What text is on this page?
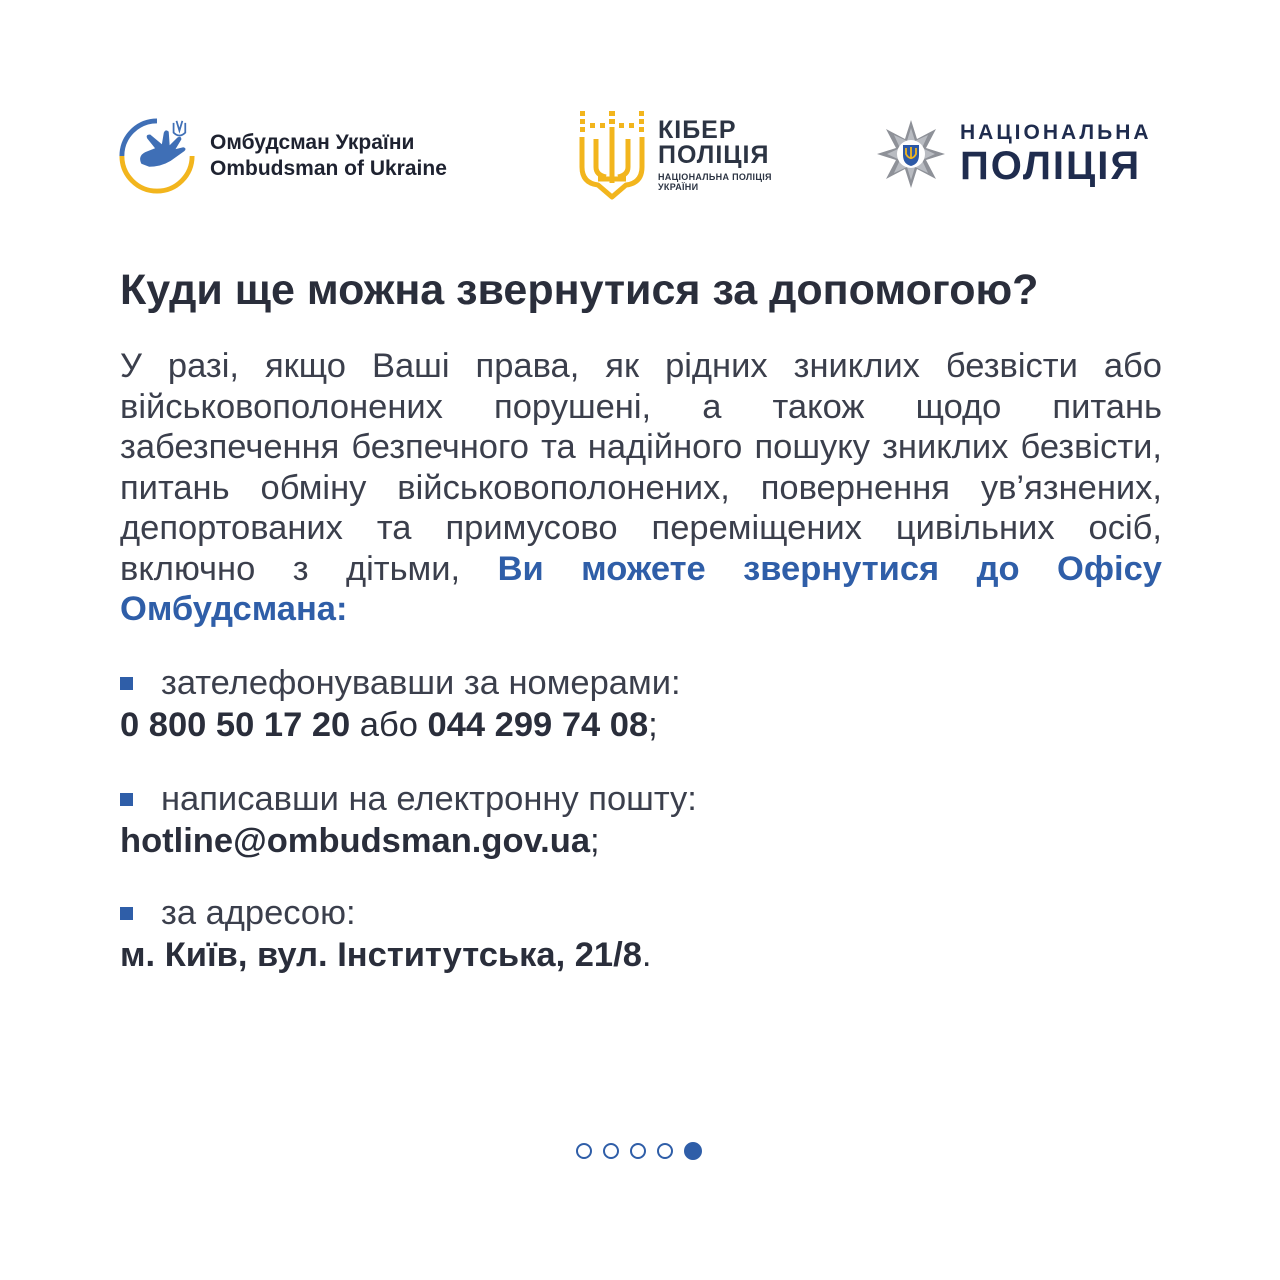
Омбудсман України
Ombudsman of Ukraine
КІБЕР
ПОЛІЦІЯ
НАЦІОНАЛЬНА ПОЛІЦІЯ
УКРАЇНИ
НАЦІОНАЛЬНА
ПОЛІЦІЯ
Куди ще можна звернутися за допомогою?

У разі, якщо Ваші права, як рідних зниклих безвісти або військовополонених порушені, а також щодо питань забезпечення безпечного та надійного пошуку зниклих безвісти, питань обміну військовополонених, повернення ув’язнених, депортованих та примусово переміщених цивільних осіб, включно з дітьми, Ви можете звернутися до Офісу Омбудсмана:

зателефонувавши за номерами:
0 800 50 17 20 або 044 299 74 08;
написавши на електронну пошту:
hotline@ombudsman.gov.ua;
за адресою:
м. Київ, вул. Інститутська, 21/8.
